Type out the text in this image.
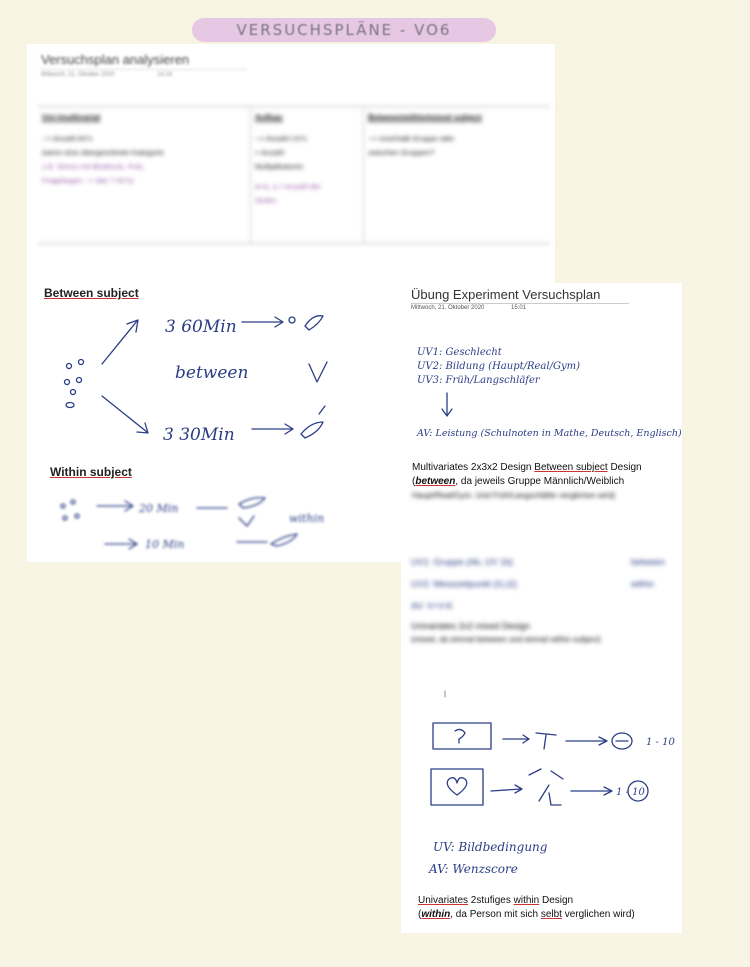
VERSUCHSPLÄNE - VO6
Versuchsplan analysieren
Mittwoch, 21. Oktober 2020	14:14
Uni-/multivariat
--> Anzahl AV's
(wenn eine übergeordnete Kategorie
z.B. Stress mit Blutdruck, Puls,
Fragebogen --> dan ? AV's)
Aufbau
--> Anzahl UV's
+ Anzahl
Multiplikatoren
A×a, a = Anzahl der
Stufen
Between/within/mixed subject
--> innerhalb Gruppe oder
zwischen Gruppen?
Between subject
3 60Min
between
3 30Min
Within subject
20 Min
within
10 Min
Übung Experiment Versuchsplan
Mittwoch, 21. Oktober 2020	15:01
UV1: Geschlecht
UV2: Bildung (Haupt/Real/Gym)
UV3: Früh/Langschläfer
AV: Leistung (Schulnoten in Mathe, Deutsch, Englisch)
Multivariates 2x3x2 Design Between subject Design
(between, da jeweils Gruppe Männlich/Weiblich
Haupt/Real/Gym. Und Früh/Langschläfer verglichen wird)
UV1: Gruppe (Ab, UV 1b)	between
UV2: Messzeitpunkt (t1,t2)	within
AV: V+V-K
Univariates 2x2 mixed Design
(mixed, da einmal between und einmal within subject)
1 - 10
1 - 10
UV: Bildbedingung
AV: Wenzscore
Univariates 2stufiges within Design
(within, da Person mit sich selbt verglichen wird)
